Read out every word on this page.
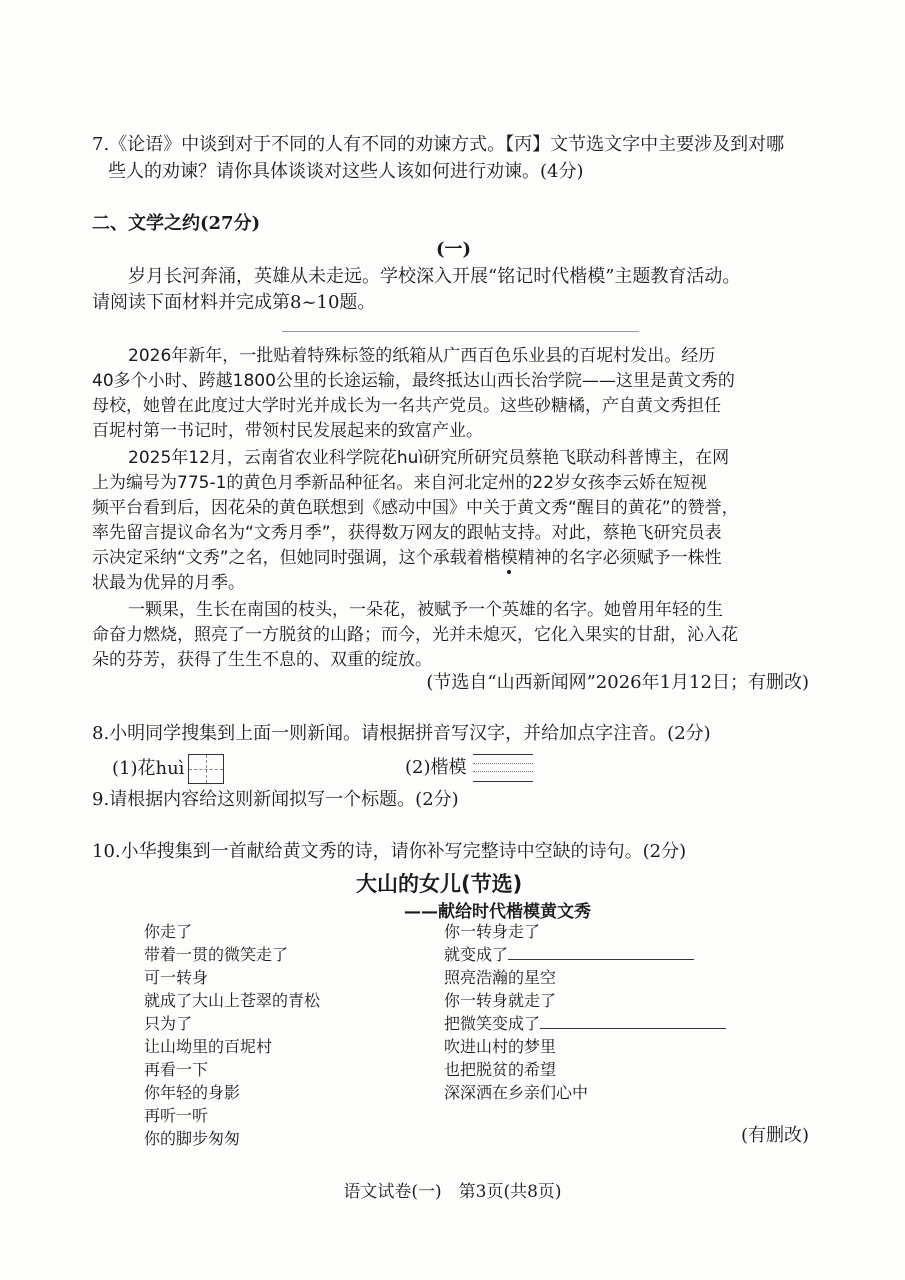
7.《论语》中谈到对于不同的人有不同的劝谏方式。【丙】文节选文字中主要涉及到对哪
些人的劝谏？请你具体谈谈对这些人该如何进行劝谏。(4分)
二、文学之约(27分)
(一)
岁月长河奔涌，英雄从未走远。学校深入开展“铭记时代楷模”主题教育活动。
请阅读下面材料并完成第8~10题。

2026年新年，一批贴着特殊标签的纸箱从广西百色乐业县的百坭村发出。经历

40多个小时、跨越1800公里的长途运输，最终抵达山西长治学院——这里是黄文秀的

母校，她曾在此度过大学时光并成长为一名共产党员。这些砂糖橘，产自黄文秀担任

百坭村第一书记时，带领村民发展起来的致富产业。

2025年12月，云南省农业科学院花huì研究所研究员蔡艳飞联动科普博主，在网

上为编号为775-1的黄色月季新品种征名。来自河北定州的22岁女孩李云娇在短视

频平台看到后，因花朵的黄色联想到《感动中国》中关于黄文秀“醒目的黄花”的赞誉，

率先留言提议命名为“文秀月季”，获得数万网友的跟帖支持。对此，蔡艳飞研究员表

示决定采纳“文秀”之名，但她同时强调，这个承载着楷模精神的名字必须赋予一株性

状最为优异的月季。

一颗果，生长在南国的枝头，一朵花，被赋予一个英雄的名字。她曾用年轻的生

命奋力燃烧，照亮了一方脱贫的山路；而今，光并未熄灭，它化入果实的甘甜，沁入花

朵的芬芳，获得了生生不息的、双重的绽放。

(节选自“山西新闻网”2026年1月12日；有删改)
8.小明同学搜集到上面一则新闻。请根据拼音写汉字，并给加点字注音。(2分)
(1)花huì	(2)楷模
9.请根据内容给这则新闻拟写一个标题。(2分)
10.小华搜集到一首献给黄文秀的诗，请你补写完整诗中空缺的诗句。(2分)
大山的女儿(节选)
——献给时代楷模黄文秀
你走了
带着一贯的微笑走了
可一转身
就成了大山上苍翠的青松
只为了
让山坳里的百坭村
再看一下
你年轻的身影
再听一听
你的脚步匆匆
你一转身走了
就变成了
照亮浩瀚的星空
你一转身就走了
把微笑变成了
吹进山村的梦里
也把脱贫的希望
深深洒在乡亲们心中
(有删改)
语文试卷(一)　第3页(共8页)
